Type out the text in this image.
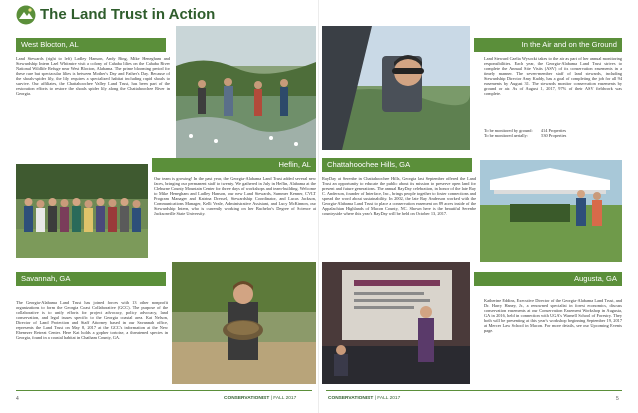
The Land Trust in Action
West Blocton, AL
Land Stewards (right to left) Ladley Hanson, Andy Bing, Mike Henegham and Stewardship Intern Lael Whitmire visit a colony of Cahaba lilies on the Cahaba River National Wildlife Refuge near West Blocton, Alabama. The prime blooming period for these rare but spectacular lilies is between Mother's Day and Father's Day. Because of the shoals-spider lily, the lily requires a specialized habitat including rapid shoals to survive. Our affiliates, the Chattahoochee Valley Land Trust, has been part of the restoration efforts to restore the shoals spider lily along the Chattahoochee River in Georgia.
Heflin, AL
Our team is growing! In the past year, the Georgia-Alabama Land Trust added several new faces, bringing our permanent staff to twenty. We gathered in July in Heflin, Alabama at the Cleburne County Mountain Center for three days of workshops and team-building. Welcome to Mike Henegham and Ladley Hanson, our new Land Stewards, Summer Kenner, CVLT Program Manager and Katrina Dressel, Stewardship Coordinator, and Lucas Jackson, Communications Manager, Kelli Veale, Administrative Assistant, and Lucy McKinnon, our Stewardship Intern, who is currently working on her Bachelor's Degree of Science at Jacksonville State University.
Savannah, GA
The Georgia-Alabama Land Trust has joined forces with 13 other nonprofit organizations to form the Georgia Coast Collaborative (GCC). The purpose of the collaborative is to unify efforts for project advocacy, policy advocacy, land conservation, and legal issues specific to the Georgia coastal area. Kat Nelson, Director of Land Protection and Staff Attorney based in our Savannah office, represents the Land Trust on May 8, 2017 at the GCC's information at the New Ebenezer Retreat Center. Here Kat holds a gopher tortoise, a threatened species in Georgia, found in a coastal habitat in Chatham County, GA.
In the Air and on the Ground
Land Steward Caelia Wysocki takes to the air as part of her annual monitoring responsibilities. Each year, the Georgia-Alabama Land Trust strives to complete the Annual Site Visits (ASV) of its conservation easements in a timely manner. The seven-member staff of land stewards, including Stewardship Director Amy Kaddy, has a goal of completing the job for all 94 easements by August 31. The stewards monitor conservation easements by ground or air. As of August 1, 2017, 97% of their ASV fieldwork was complete.
To be monitored by ground: 414 Properties
To be monitored aerially:	530 Properties
Chattahoochee Hills, GA
RayDay at Serenbe in Chattahoochee Hills, Georgia last September offered the Land Trust an opportunity to educate the public about its mission to preserve open land for present and future generations. The annual RayDay celebration, in honor of the late Ray C. Anderson, founder of Interface, Inc., brings people together to foster connections and spread the word about sustainability. In 2002, the late Ray Anderson worked with the Georgia-Alabama Land Trust to place a conservation easement on 89 acres inside of the Appalachian Highlands of Macon County, NC. Shown here is the beautiful Serenbe countryside where this year's RayDay will be held on October 13, 2017.
Augusta, GA
Katherine Eddins, Executive Director of the Georgia-Alabama Land Trust, and Dr. Harry Haney, Jr., a renowned specialist in forest economics, discuss conservation easements at our Conservation Easement Workshop in Augusta, GA in 2016, held in connection with UGA's Warnell School of Forestry. They both will be presenting at this year's workshop beginning September 19, 2017 at Mercer Law School in Macon. For more details, see our Upcoming Events page.
4	CONSERVATIONIST | FALL 2017	CONSERVATIONIST | FALL 2017	5
